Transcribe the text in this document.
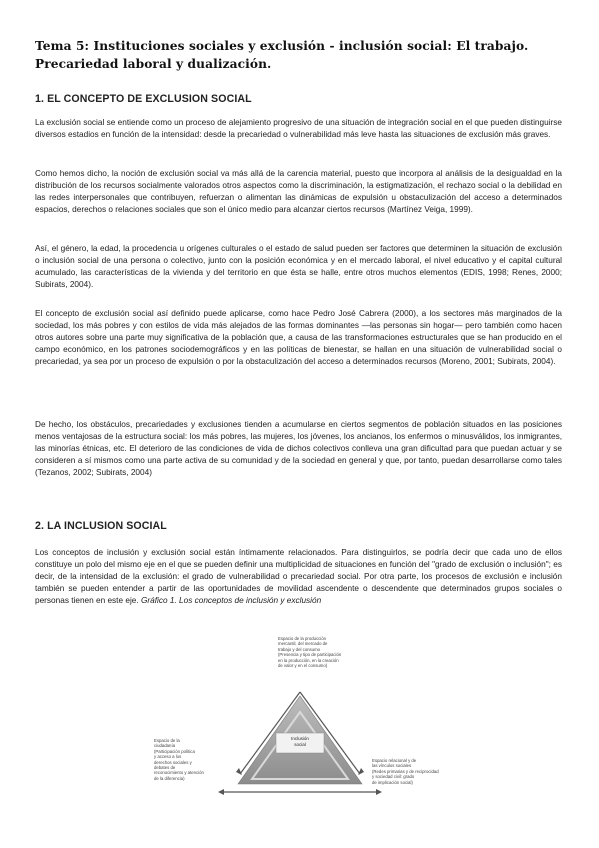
Tema 5: Instituciones sociales y exclusión - inclusión social: El trabajo. Precariedad laboral y dualización.
1. EL CONCEPTO DE EXCLUSION SOCIAL
La exclusión social se entiende como un proceso de alejamiento progresivo de una situación de integración social en el que pueden distinguirse diversos estadios en función de la intensidad: desde la precariedad o vulnerabilidad más leve hasta las situaciones de exclusión más graves.
Como hemos dicho, la noción de exclusión social va más allá de la carencia material, puesto que incorpora al análisis de la desigualdad en la distribución de los recursos socialmente valorados otros aspectos como la discriminación, la estigmatización, el rechazo social o la debilidad en las redes interpersonales que contribuyen, refuerzan o alimentan las dinámicas de expulsión u obstaculización del acceso a determinados espacios, derechos o relaciones sociales que son el único medio para alcanzar ciertos recursos (Martínez Veiga, 1999).
Así, el género, la edad, la procedencia u orígenes culturales o el estado de salud pueden ser factores que determinen la situación de exclusión o inclusión social de una persona o colectivo, junto con la posición económica y en el mercado laboral, el nivel educativo y el capital cultural acumulado, las características de la vivienda y del territorio en que ésta se halle, entre otros muchos elementos (EDIS, 1998; Renes, 2000; Subirats, 2004).
El concepto de exclusión social así definido puede aplicarse, como hace Pedro José Cabrera (2000), a los sectores más marginados de la sociedad, los más pobres y con estilos de vida más alejados de las formas dominantes —las personas sin hogar— pero también como hacen otros autores sobre una parte muy significativa de la población que, a causa de las transformaciones estructurales que se han producido en el campo económico, en los patrones sociodemográficos y en las políticas de bienestar, se hallan en una situación de vulnerabilidad social o precariedad, ya sea por un proceso de expulsión o por la obstaculización del acceso a determinados recursos (Moreno, 2001; Subirats, 2004).
De hecho, los obstáculos, precariedades y exclusiones tienden a acumularse en ciertos segmentos de población situados en las posiciones menos ventajosas de la estructura social: los más pobres, las mujeres, los jóvenes, los ancianos, los enfermos o minusválidos, los inmigrantes, las minorías étnicas, etc. El deterioro de las condiciones de vida de dichos colectivos conlleva una gran dificultad para que puedan actuar y se consideren a sí mismos como una parte activa de su comunidad y de la sociedad en general y que, por tanto, puedan desarrollarse como tales (Tezanos, 2002; Subirats, 2004)
2. LA INCLUSION SOCIAL
Los conceptos de inclusión y exclusión social están íntimamente relacionados. Para distinguirlos, se podría decir que cada uno de ellos constituye un polo del mismo eje en el que se pueden definir una multiplicidad de situaciones en función del "grado de exclusión o inclusión"; es decir, de la intensidad de la exclusión: el grado de vulnerabilidad o precariedad social. Por otra parte, los procesos de exclusión e inclusión también se pueden entender a partir de las oportunidades de movilidad ascendente o descendente que determinados grupos sociales o personas tienen en este eje. Gráfico 1. Los conceptos de inclusión y exclusión
Espacio de la producción
mercantil, del mercado de
trabajo y del consumo
(Presencia y tipo de participación
en la producción, en la creación
de valor y en el consumo)
Espacio de la
ciudadanía
(Participación política
y acceso a los
derechos sociales y
debates de
reconocimiento y atención
de la diferencia)
Espacio relacional y de
las vínculos sociales
(Redes primarias y de reciprocidad
y sociedad civil: grado
de implicación social)
Inclusión
social
